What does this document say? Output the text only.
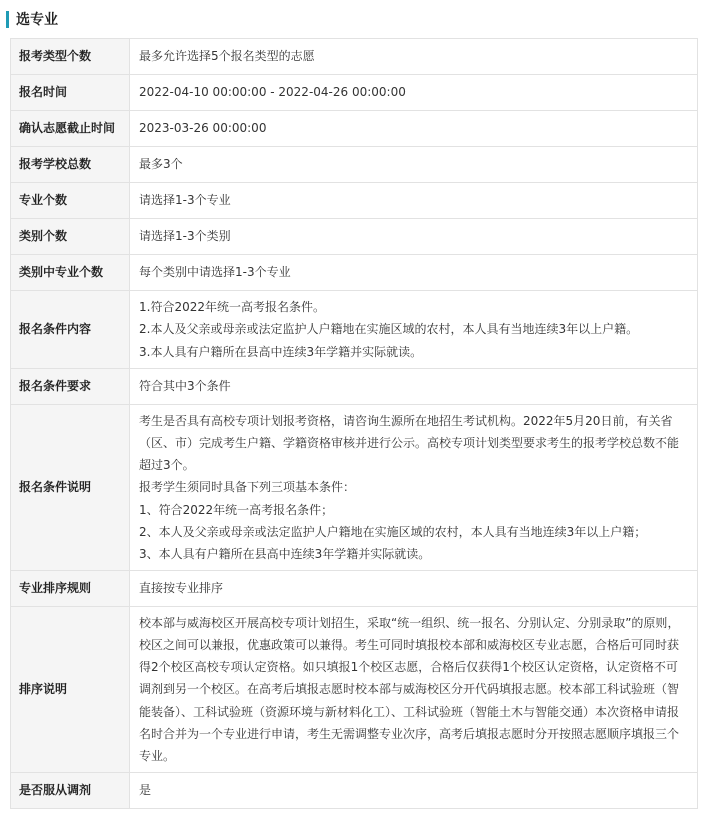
选专业
报考类型个数	最多允许选择5个报名类型的志愿
报名时间	2022-04-10 00:00:00 - 2022-04-26 00:00:00
确认志愿截止时间	2023-03-26 00:00:00
报考学校总数	最多3个
专业个数	请选择1-3个专业
类别个数	请选择1-3个类别
类别中专业个数	每个类别中请选择1-3个专业
报名条件内容	1.符合2022年统一高考报名条件。
2.本人及父亲或母亲或法定监护人户籍地在实施区域的农村，本人具有当地连续3年以上户籍。
3.本人具有户籍所在县高中连续3年学籍并实际就读。

报名条件要求	符合其中3个条件
报名条件说明	考生是否具有高校专项计划报考资格，请咨询生源所在地招生考试机构。2022年5月20日前，有关省（区、市）完成考生户籍、学籍资格审核并进行公示。高校专项计划类型要求考生的报考学校总数不能超过3个。
报考学生须同时具备下列三项基本条件：
1、符合2022年统一高考报名条件；
2、本人及父亲或母亲或法定监护人户籍地在实施区域的农村，本人具有当地连续3年以上户籍；
3、本人具有户籍所在县高中连续3年学籍并实际就读。

专业排序规则	直接按专业排序
排序说明	校本部与威海校区开展高校专项计划招生，采取“统一组织、统一报名、分别认定、分别录取”的原则，校区之间可以兼报，优惠政策可以兼得。考生可同时填报校本部和威海校区专业志愿，合格后可同时获得2个校区高校专项认定资格。如只填报1个校区志愿，合格后仅获得1个校区认定资格，认定资格不可调剂到另一个校区。在高考后填报志愿时校本部与威海校区分开代码填报志愿。校本部工科试验班（智能装备）、工科试验班（资源环境与新材料化工）、工科试验班（智能土木与智能交通）本次资格申请报名时合并为一个专业进行申请，考生无需调整专业次序，高考后填报志愿时分开按照志愿顺序填报三个专业。
是否服从调剂	是
